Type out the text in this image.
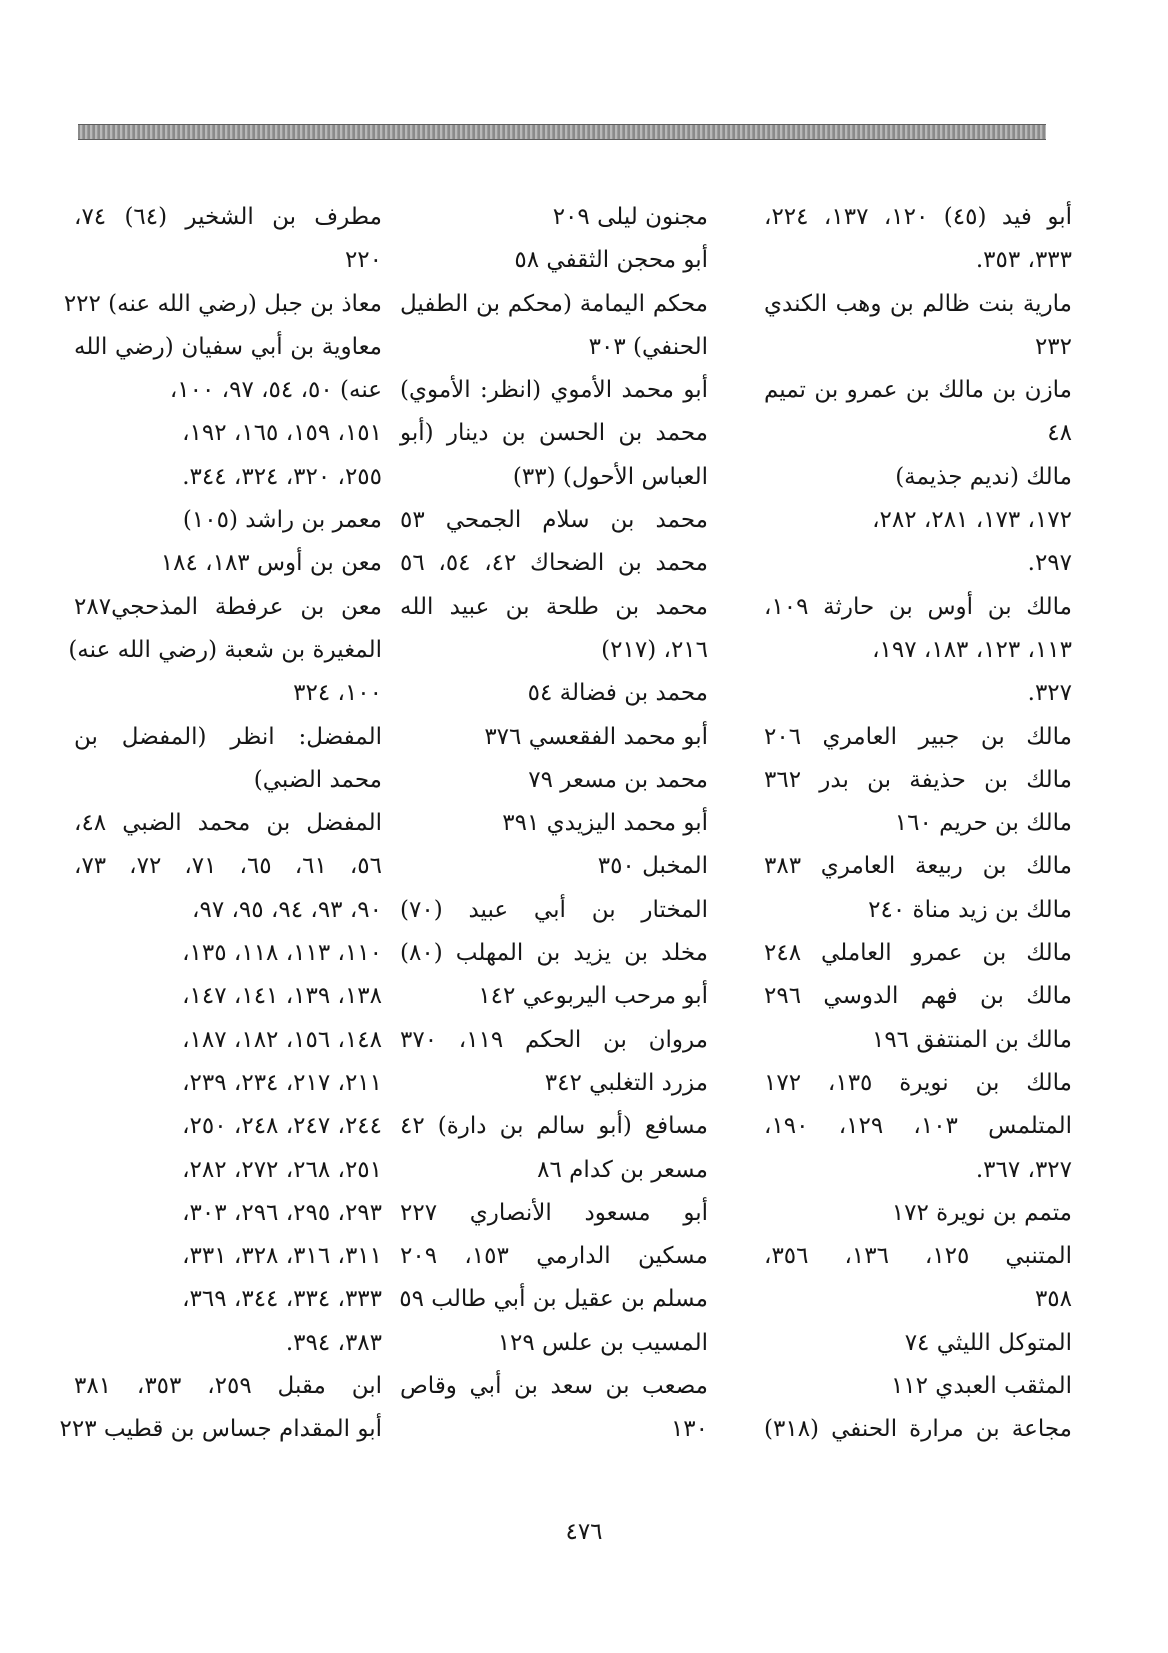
أبو فيد (٤٥) ١٢٠، ١٣٧، ٢٢٤،
٣٣٣، ٣٥٣.
مارية بنت ظالم بن وهب الكندي
٢٣٢
مازن بن مالك بن عمرو بن تميم
٤٨
مالك (نديم جذيمة)
١٧٢، ١٧٣، ٢٨١، ٢٨٢،
٢٩٧.
مالك بن أوس بن حارثة ١٠٩،
١١٣، ١٢٣، ١٨٣، ١٩٧،
٣٢٧.
مالك بن جبير العامري ٢٠٦
مالك بن حذيفة بن بدر ٣٦٢
مالك بن حريم ١٦٠
مالك بن ربيعة العامري ٣٨٣
مالك بن زيد مناة ٢٤٠
مالك بن عمرو العاملي ٢٤٨
مالك بن فهم الدوسي ٢٩٦
مالك بن المنتفق ١٩٦
مالك بن نويرة ١٣٥، ١٧٢
المتلمس ١٠٣، ١٢٩، ١٩٠،
٣٢٧، ٣٦٧.
متمم بن نويرة ١٧٢
المتنبي ١٢٥، ١٣٦، ٣٥٦،
٣٥٨
المتوكل الليثي ٧٤
المثقب العبدي ١١٢
مجاعة بن مرارة الحنفي (٣١٨)
مجنون ليلى ٢٠٩
أبو محجن الثقفي ٥٨
محكم اليمامة (محكم بن الطفيل
الحنفي) ٣٠٣
أبو محمد الأموي (انظر: الأموي)
محمد بن الحسن بن دينار (أبو
العباس الأحول) (٣٣)
محمد بن سلام الجمحي ٥٣
محمد بن الضحاك ٤٢، ٥٤، ٥٦
محمد بن طلحة بن عبيد الله
٢١٦، (٢١٧)
محمد بن فضالة ٥٤
أبو محمد الفقعسي ٣٧٦
محمد بن مسعر ٧٩
أبو محمد اليزيدي ٣٩١
المخبل ٣٥٠
المختار بن أبي عبيد (٧٠)
مخلد بن يزيد بن المهلب (٨٠)
أبو مرحب اليربوعي ١٤٢
مروان بن الحكم ١١٩، ٣٧٠
مزرد التغلبي ٣٤٢
مسافع (أبو سالم بن دارة) ٤٢
مسعر بن كدام ٨٦
أبو مسعود الأنصاري ٢٢٧
مسكين الدارمي ١٥٣، ٢٠٩
مسلم بن عقيل بن أبي طالب ٥٩
المسيب بن علس ١٢٩
مصعب بن سعد بن أبي وقاص
١٣٠
مطرف بن الشخير (٦٤) ٧٤،
٢٢٠
معاذ بن جبل (رضي الله عنه) ٢٢٢
معاوية بن أبي سفيان (رضي الله
عنه) ٥٠، ٥٤، ٩٧، ١٠٠،
١٥١، ١٥٩، ١٦٥، ١٩٢،
٢٥٥، ٣٢٠، ٣٢٤، ٣٤٤.
معمر بن راشد (١٠٥)
معن بن أوس ١٨٣، ١٨٤
معن بن عرفطة المذحجي٢٨٧
المغيرة بن شعبة (رضي الله عنه)
١٠٠، ٣٢٤
المفضل: انظر (المفضل بن
محمد الضبي)
المفضل بن محمد الضبي ٤٨،
٥٦، ٦١، ٦٥، ٧١، ٧٢، ٧٣،
٩٠، ٩٣، ٩٤، ٩٥، ٩٧،
١١٠، ١١٣، ١١٨، ١٣٥،
١٣٨، ١٣٩، ١٤١، ١٤٧،
١٤٨، ١٥٦، ١٨٢، ١٨٧،
٢١١، ٢١٧، ٢٣٤، ٢٣٩،
٢٤٤، ٢٤٧، ٢٤٨، ٢٥٠،
٢٥١، ٢٦٨، ٢٧٢، ٢٨٢،
٢٩٣، ٢٩٥، ٢٩٦، ٣٠٣،
٣١١، ٣١٦، ٣٢٨، ٣٣١،
٣٣٣، ٣٣٤، ٣٤٤، ٣٦٩،
٣٨٣، ٣٩٤.
ابن مقبل ٢٥٩، ٣٥٣، ٣٨١
أبو المقدام جساس بن قطيب ٢٢٣
٤٧٦
